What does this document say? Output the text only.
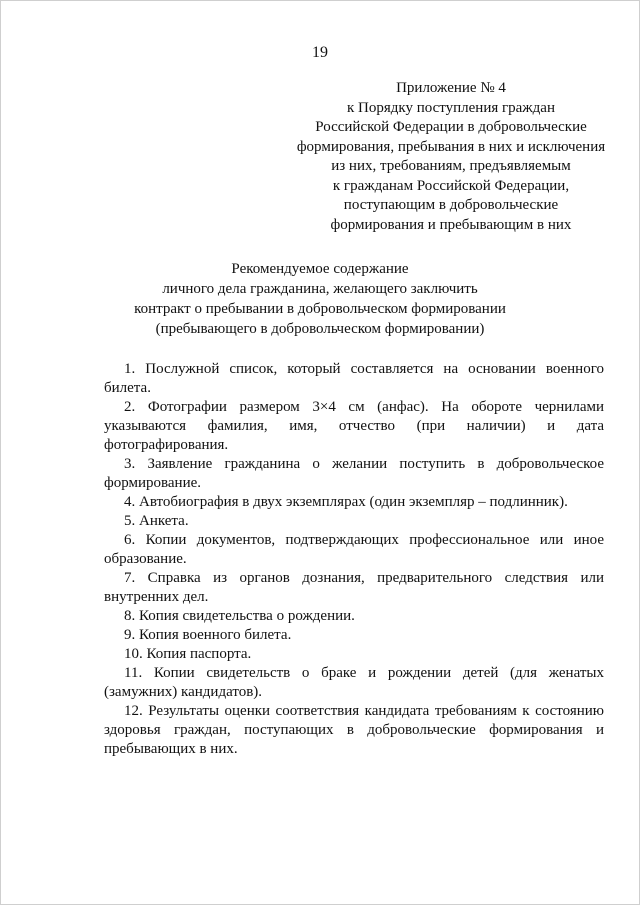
19
Приложение № 4
к Порядку поступления граждан
Российской Федерации в добровольческие
формирования, пребывания в них и исключения
из них, требованиям, предъявляемым
к гражданам Российской Федерации,
поступающим в добровольческие
формирования и пребывающим в них
Рекомендуемое содержание
личного дела гражданина, желающего заключить
контракт о пребывании в добровольческом формировании
(пребывающего в добровольческом формировании)

1. Послужной список, который составляется на основании военного билета.

2. Фотографии размером 3×4 см (анфас). На обороте чернилами указываются фамилия, имя, отчество (при наличии) и дата фотографирования.

3. Заявление гражданина о желании поступить в добровольческое формирование.

4. Автобиография в двух экземплярах (один экземпляр – подлинник).

5. Анкета.

6. Копии документов, подтверждающих профессиональное или иное образование.

7. Справка из органов дознания, предварительного следствия или внутренних дел.

8. Копия свидетельства о рождении.

9. Копия военного билета.

10. Копия паспорта.

11. Копии свидетельств о браке и рождении детей (для женатых (замужних) кандидатов).

12. Результаты оценки соответствия кандидата требованиям к состоянию здоровья граждан, поступающих в добровольческие формирования и пребывающих в них.
